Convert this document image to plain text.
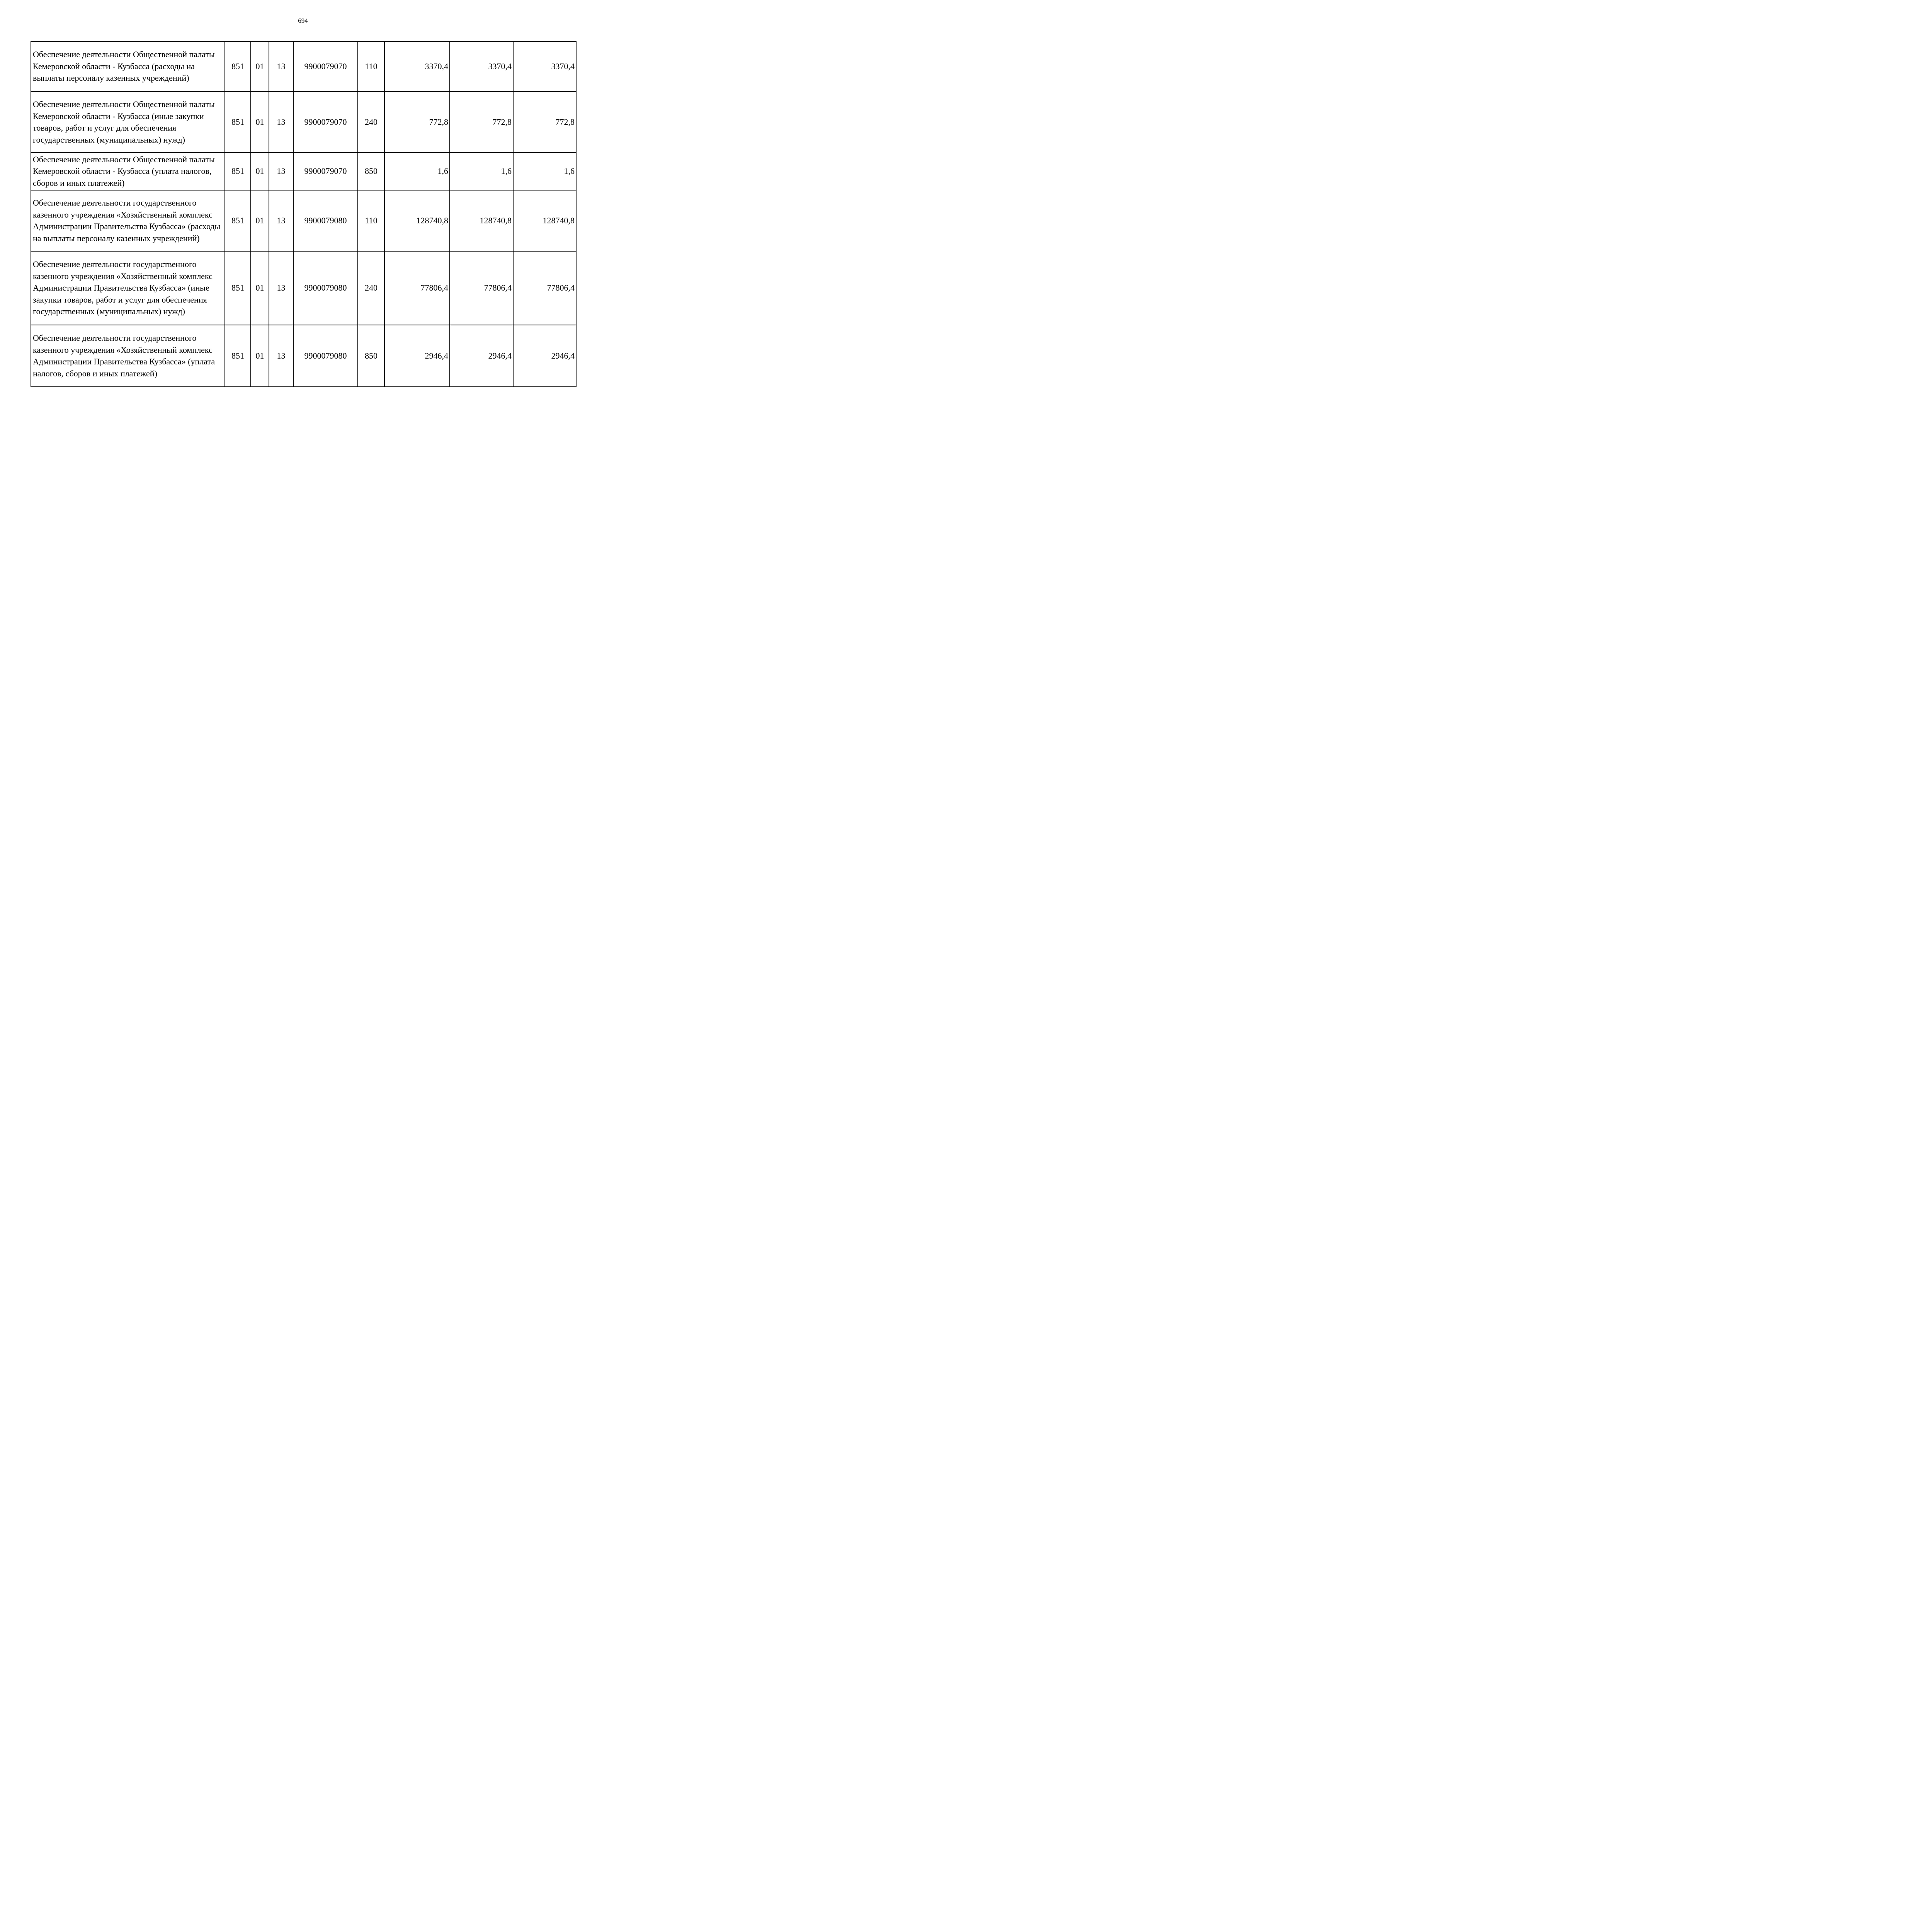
694
Обеспечение деятельности Общественной палаты Кемеровской области - Кузбасса (расходы на выплаты персоналу казенных учреждений)	851	01	13	9900079070	110	3370,4	3370,4	3370,4
Обеспечение деятельности Общественной палаты Кемеровской области - Кузбасса (иные закупки товаров, работ и услуг для обеспечения государственных (муниципальных) нужд)	851	01	13	9900079070	240	772,8	772,8	772,8
Обеспечение деятельности Общественной палаты Кемеровской области - Кузбасса (уплата налогов, сборов и иных платежей)	851	01	13	9900079070	850	1,6	1,6	1,6
Обеспечение деятельности государственного казенного учреждения «Хозяйственный комплекс Администрации Правительства Кузбасса» (расходы на выплаты персоналу казенных учреждений)	851	01	13	9900079080	110	128740,8	128740,8	128740,8
Обеспечение деятельности государственного казенного учреждения «Хозяйственный комплекс Администрации Правительства Кузбасса» (иные закупки товаров, работ и услуг для обеспечения государственных (муниципальных) нужд)	851	01	13	9900079080	240	77806,4	77806,4	77806,4
Обеспечение деятельности государственного казенного учреждения «Хозяйственный комплекс Администрации Правительства Кузбасса» (уплата налогов, сборов и иных платежей)	851	01	13	9900079080	850	2946,4	2946,4	2946,4
